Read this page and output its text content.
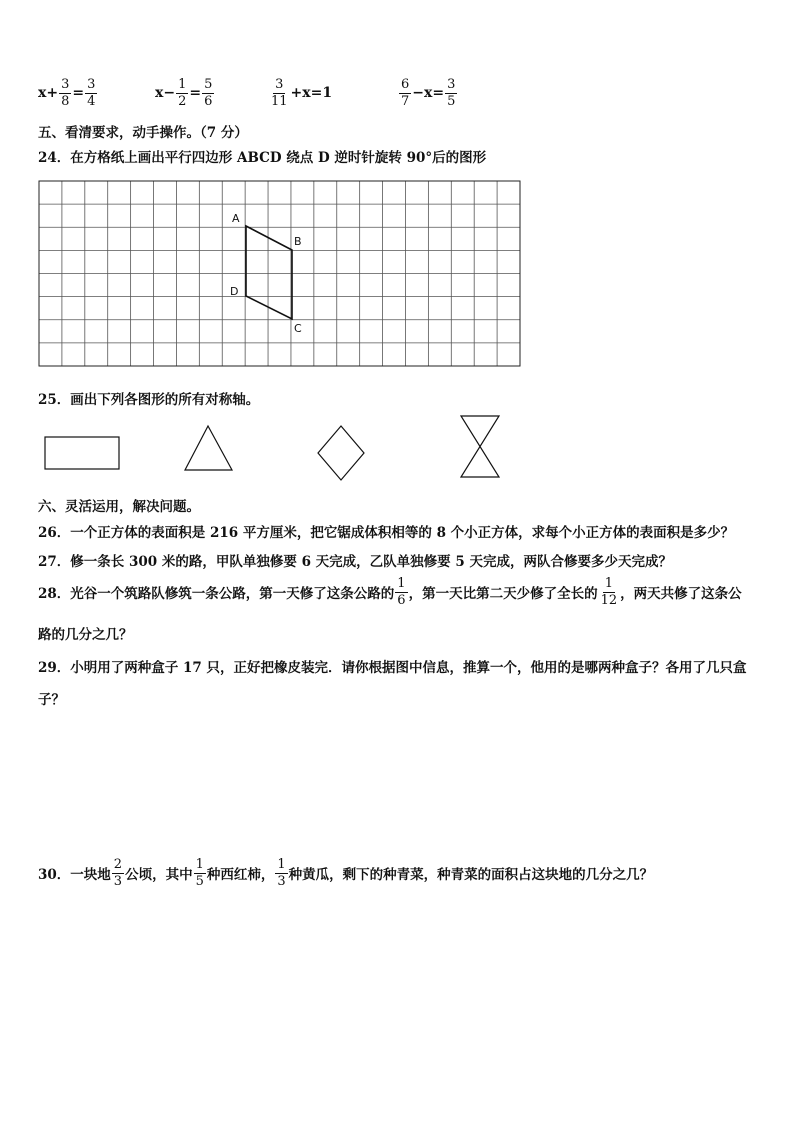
$x+ \frac{3}{8} = \frac{3}{4}$	$x- \frac{1}{2} = \frac{5}{6}$	$\frac{3}{11} +x=1$	$\frac{6}{7} -x= \frac{3}{5}$
五、看清要求，动手操作。（7 分）
24．在方格纸上画出平行四边形 ABCD 绕点 D 逆时针旋转 90°后的图形
A
B
C
D
25．画出下列各图形的所有对称轴。
六、灵活运用，解决问题。
26．一个正方体的表面积是 216 平方厘米，把它锯成体积相等的 8 个小正方体，求每个小正方体的表面积是多少？
27．修一条长 300 米的路，甲队单独修要 6 天完成，乙队单独修要 5 天完成，两队合修要多少天完成？
28．光谷一个筑路队修筑一条公路，第一天修了这条公路的 $\frac{1}{6}$ ，第一天比第二天少修了全长的 $\frac{1}{12}$ ，两天共修了这条公
路的几分之几？
29．小明用了两种盒子 17 只，正好把橡皮装完．请你根据图中信息，推算一个，他用的是哪两种盒子？各用了几只盒
子？
30．一块地 $\frac{2}{3}$ 公顷，其中 $\frac{1}{5}$ 种西红柿， $\frac{1}{3}$ 种黄瓜，剩下的种青菜，种青菜的面积占这块地的几分之几？
